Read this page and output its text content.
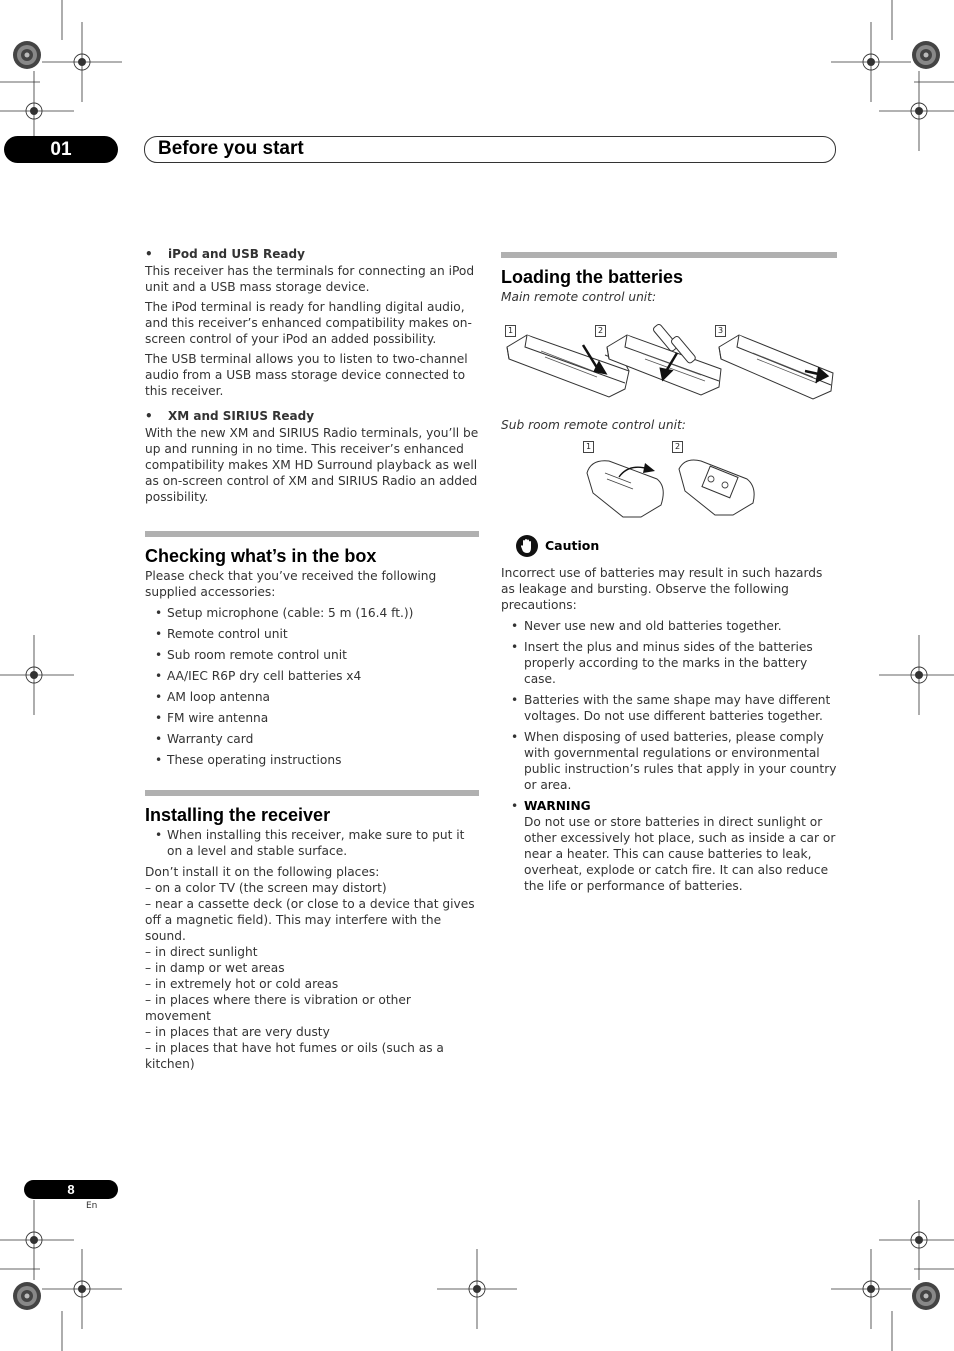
01	Before you start
• iPod and USB Ready

This receiver has the terminals for connecting an iPod unit and a USB mass storage device.

The iPod terminal is ready for handling digital audio, and this receiver’s enhanced compatibility makes on-screen control of your iPod an added possibility.

The USB terminal allows you to listen to two-channel audio from a USB mass storage device connected to this receiver.

• XM and SIRIUS Ready

With the new XM and SIRIUS Radio terminals, you’ll be up and running in no time. This receiver’s enhanced compatibility makes XM HD Surround playback as well as on-screen control of XM and SIRIUS Radio an added possibility.

Checking what’s in the box

Please check that you’ve received the following supplied accessories:

• Setup microphone (cable: 5 m (16.4 ft.))
• Remote control unit
• Sub room remote control unit
• AA/IEC R6P dry cell batteries x4
• AM loop antenna
• FM wire antenna
• Warranty card
• These operating instructions
Installing the receiver
• When installing this receiver, make sure to put it on a level and stable surface.

Don’t install it on the following places:

– on a color TV (the screen may distort)

– near a cassette deck (or close to a device that gives off a magnetic field). This may interfere with the sound.

– in direct sunlight

– in damp or wet areas

– in extremely hot or cold areas

– in places where there is vibration or other movement

– in places that are very dusty

– in places that have hot fumes or oils (such as a kitchen)

Loading the batteries

Main remote control unit:

1	2	3

Sub room remote control unit:

1	2
Caution

Incorrect use of batteries may result in such hazards as leakage and bursting. Observe the following precautions:

• Never use new and old batteries together.
• Insert the plus and minus sides of the batteries properly according to the marks in the battery case.
• Batteries with the same shape may have different voltages. Do not use different batteries together.
• When disposing of used batteries, please comply with governmental regulations or environmental public instruction’s rules that apply in your country or area.
• WARNING
Do not use or store batteries in direct sunlight or other excessively hot place, such as inside a car or near a heater. This can cause batteries to leak, overheat, explode or catch fire. It can also reduce the life or performance of batteries.
8
En
